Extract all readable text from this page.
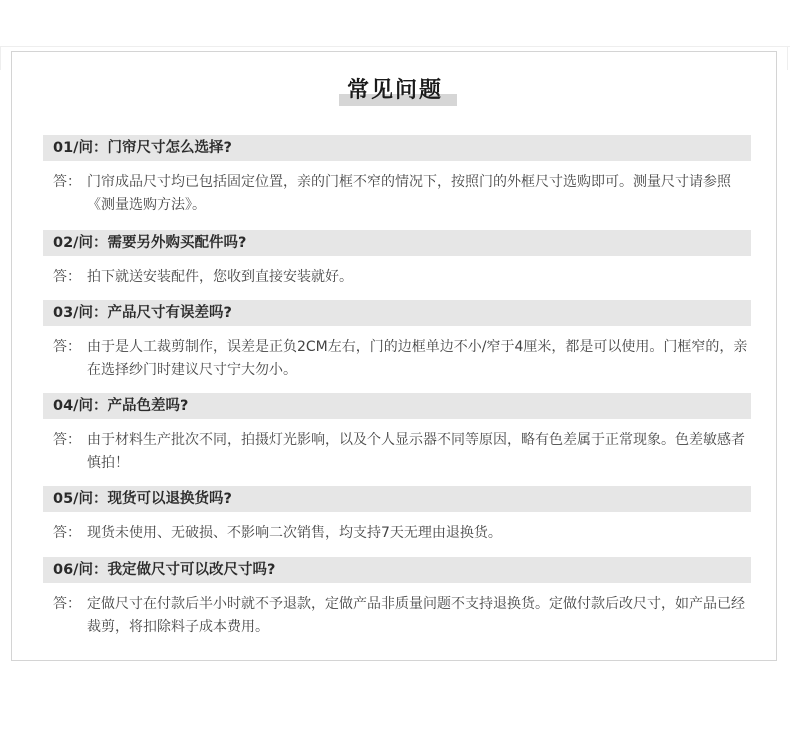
常见问题
01/问：门帘尺寸怎么选择?
答： 门帘成品尺寸均已包括固定位置，亲的门框不窄的情况下，按照门的外框尺寸选购即可。测量尺寸请参照《测量选购方法》。
02/问：需要另外购买配件吗?
答： 拍下就送安装配件，您收到直接安装就好。
03/问：产品尺寸有误差吗?
答： 由于是人工裁剪制作，误差是正负2CM左右，门的边框单边不小/窄于4厘米，都是可以使用。门框窄的，亲在选择纱门时建议尺寸宁大勿小。
04/问：产品色差吗?
答： 由于材料生产批次不同，拍摄灯光影响，以及个人显示器不同等原因，略有色差属于正常现象。色差敏感者慎拍！
05/问：现货可以退换货吗?
答： 现货未使用、无破损、不影响二次销售，均支持7天无理由退换货。
06/问：我定做尺寸可以改尺寸吗?
答： 定做尺寸在付款后半小时就不予退款，定做产品非质量问题不支持退换货。定做付款后改尺寸，如产品已经裁剪，将扣除料子成本费用。
